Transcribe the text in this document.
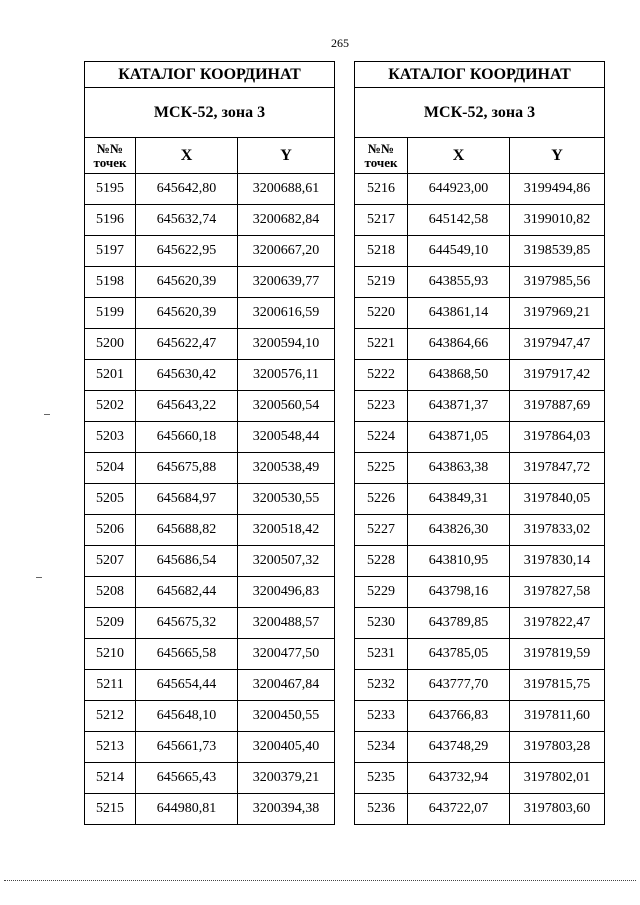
265
КАТАЛОГ КООРДИНАТ		
МСК-52, зона 3		
№№ точек	X	Y
5195	645642,80	3200688,61
5196	645632,74	3200682,84
5197	645622,95	3200667,20
5198	645620,39	3200639,77
5199	645620,39	3200616,59
5200	645622,47	3200594,10
5201	645630,42	3200576,11
5202	645643,22	3200560,54
5203	645660,18	3200548,44
5204	645675,88	3200538,49
5205	645684,97	3200530,55
5206	645688,82	3200518,42
5207	645686,54	3200507,32
5208	645682,44	3200496,83
5209	645675,32	3200488,57
5210	645665,58	3200477,50
5211	645654,44	3200467,84
5212	645648,10	3200450,55
5213	645661,73	3200405,40
5214	645665,43	3200379,21
5215	644980,81	3200394,38
КАТАЛОГ КООРДИНАТ		
МСК-52, зона 3		
№№ точек	X	Y
5216	644923,00	3199494,86
5217	645142,58	3199010,82
5218	644549,10	3198539,85
5219	643855,93	3197985,56
5220	643861,14	3197969,21
5221	643864,66	3197947,47
5222	643868,50	3197917,42
5223	643871,37	3197887,69
5224	643871,05	3197864,03
5225	643863,38	3197847,72
5226	643849,31	3197840,05
5227	643826,30	3197833,02
5228	643810,95	3197830,14
5229	643798,16	3197827,58
5230	643789,85	3197822,47
5231	643785,05	3197819,59
5232	643777,70	3197815,75
5233	643766,83	3197811,60
5234	643748,29	3197803,28
5235	643732,94	3197802,01
5236	643722,07	3197803,60
